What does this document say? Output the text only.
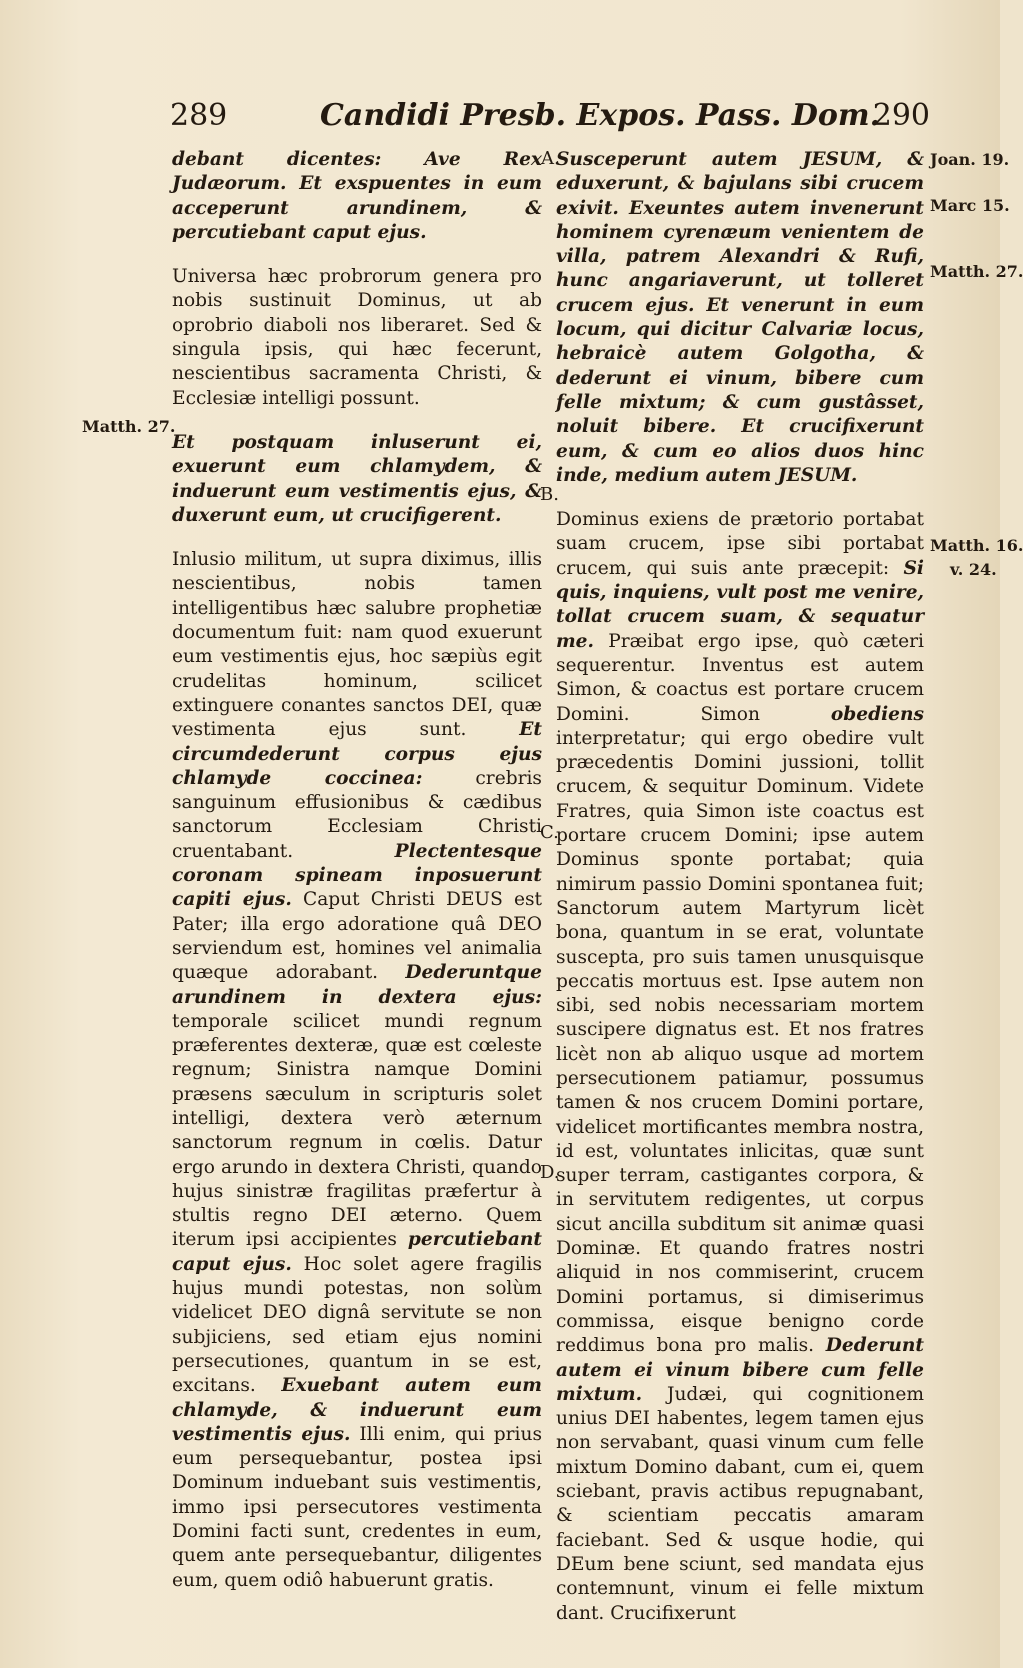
289	Candidi Presb. Expos. Pass. Dom.
290

debant dicentes: Ave Rex Judæorum. Et exspuentes in eum acceperunt arundinem, & percutiebant caput ejus.

Universa hæc probrorum genera pro nobis sustinuit Dominus, ut ab oprobrio diaboli nos liberaret. Sed & singula ipsis, qui hæc fecerunt, nescientibus sacramenta Christi, & Ecclesiæ intelligi possunt.

Et postquam inluserunt ei, exuerunt eum chlamydem, & induerunt eum vestimentis ejus, & duxerunt eum, ut crucifigerent.

Inlusio militum, ut supra diximus, illis nescientibus, nobis tamen intelligentibus hæc salubre prophetiæ documentum fuit: nam quod exuerunt eum vestimentis ejus, hoc sæpiùs egit crudelitas hominum, scilicet extinguere conantes sanctos DEI, quæ vestimenta ejus sunt.	Et circumdederunt corpus ejus chlamyde coccinea:	crebris sanguinum effusionibus & cædibus sanctorum Ecclesiam Christi cruentabant.	Plectentesque coronam spineam inposuerunt capiti ejus. Caput Christi DEUS est Pater; illa ergo adoratione quâ DEO serviendum est, homines vel animalia quæque adorabant. Dederuntque arundinem in dextera ejus: temporale scilicet mundi regnum præferentes dexteræ, quæ est cœleste regnum; Sinistra namque Domini præsens sæculum in scripturis solet intelligi, dextera verò æternum sanctorum regnum in cœlis. Datur ergo arundo in dextera Christi, quando hujus sinistræ fragilitas præfertur à stultis regno DEI æterno. Quem iterum ipsi accipientes percutiebant caput ejus. Hoc solet agere fragilis hujus mundi potestas, non solùm videlicet DEO dignâ servitute se non subjiciens, sed etiam ejus nomini persecutiones, quantum in se est, excitans. Exuebant autem eum chlamyde, & induerunt eum vestimentis ejus. Illi enim, qui prius eum persequebantur, postea ipsi Dominum induebant suis vestimentis, immo ipsi persecutores vestimenta Domini facti sunt, credentes in eum, quem ante persequebantur, diligentes eum, quem odiô habuerunt gratis.

Susceperunt autem JESUM, & eduxerunt, & bajulans sibi crucem exivit. Exeuntes autem invenerunt hominem cyrenæum venientem de villa, patrem Alexandri & Rufi, hunc angariaverunt, ut tolleret crucem ejus. Et venerunt in eum locum, qui dicitur Calvariæ locus, hebraicè autem Golgotha, & dederunt ei vinum, bibere cum felle mixtum; & cum gustâsset, noluit bibere. Et crucifixerunt eum, & cum eo alios duos hinc inde, medium autem JESUM.

Dominus exiens de prætorio portabat suam crucem, ipse sibi portabat crucem, qui suis ante præcepit: Si quis, inquiens, vult post me venire, tollat crucem suam, & sequatur me. Præibat ergo ipse, quò cæteri sequerentur. Inventus est autem Simon, & coactus est portare crucem Domini. Simon	obediens interpretatur; qui ergo obedire vult præcedentis Domini jussioni, tollit crucem, & sequitur Dominum. Videte Fratres, quia Simon iste coactus est portare crucem Domini; ipse autem Dominus sponte portabat; quia nimirum passio Domini spontanea fuit; Sanctorum autem Martyrum licèt bona, quantum in se erat, voluntate suscepta, pro suis tamen unusquisque peccatis mortuus est. Ipse autem non sibi, sed nobis necessariam mortem suscipere dignatus est. Et nos fratres licèt non ab aliquo usque ad mortem persecutionem patiamur, possumus tamen & nos crucem Domini portare, videlicet mortificantes membra nostra, id est, voluntates inlicitas, quæ sunt super terram, castigantes corpora, & in servitutem redigentes, ut corpus sicut ancilla subditum sit animæ quasi Dominæ. Et quando fratres nostri aliquid in nos commiserint, crucem Domini portamus, si dimiserimus commissa, eisque benigno corde reddimus bona pro malis. Dederunt autem ei vinum bibere cum felle mixtum. Judæi, qui cognitionem unius DEI habentes, legem tamen ejus non servabant, quasi vinum cum felle mixtum Domino dabant, cum ei, quem sciebant, pravis actibus repugnabant, & scientiam peccatis amaram faciebant. Sed & usque hodie, qui DEum bene sciunt, sed mandata ejus contemnunt, vinum ei felle mixtum dant. Crucifixerunt

Matth. 27.
Joan. 19.
Marc 15.
Matth. 27.
Matth. 16.
v. 24.
A.
B.
C.
D.
